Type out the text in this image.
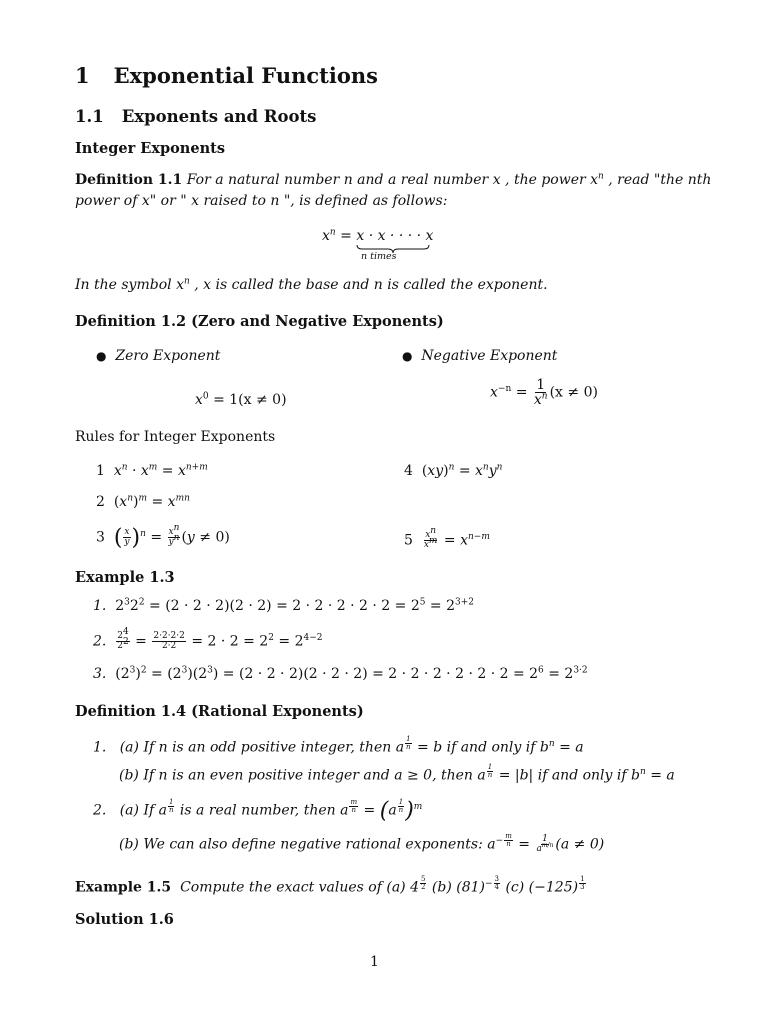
1 Exponential Functions
1.1 Exponents and Roots
Integer Exponents
Definition 1.1 For a natural number n and a real number x , the power $x^n$ , read "the nth
power of x" or " x raised to n ", is defined as follows:
$x^n = x \cdot x$ · · · · x
n times
In the symbol $x^n$ , x is called the base and n is called the exponent.
Definition 1.2 (Zero and Negative Exponents)
● Zero Exponent	● Negative Exponent
$x^0 = 1(x \ne 0)$	$x^{-n} = \frac{1}{x^n} (x \ne 0)$
Rules for Integer Exponents
1 $x^n \cdot x^m = x^{n+m}$	4  $(xy)^n = x^ny^n$
2  $(x^n)^m = x^{mn}$
3 ( $\frac{x}{y} )^n = \frac{x^n}{y^n} (y \ne 0)$	$5 \frac{x^n}{x^m} = x^{n-m}$
Example 1.3
1.  $2^32^2 = (2 \cdot 2 \cdot 2)(2 \cdot 2) = 2 \cdot 2 \cdot 2 \cdot 2 \cdot 2 = 2^5 = 2^{3+2}$
2. $\frac{2^4}{2^2} = \frac{2\cdot 2\cdot 2\cdot 2}{2\cdot 2} = 2 \cdot 2 = 2^2 = 2^{4-2}$
3.  $(2^3)^2 = (2^3)(2^3) = (2 \cdot 2 \cdot 2)(2 \cdot 2 \cdot 2) = 2 \cdot 2 \cdot 2 \cdot 2 \cdot 2 \cdot 2 = 2^6 = 2^{3\cdot 2}$
Definition 1.4 (Rational Exponents)
1. (a) If n is an odd positive integer, then a $^{\frac{1}{n}}$ = b if and only if $b^n = a$
(b) If n is an even positive integer and a ≥ 0, then a $^{\frac{1}{n}}$ = |b| if and only if $b^n = a$
2. (a) If a $^{\frac{1}{n}}$ is a real number, then a $^{\frac{m}{n}}$ = (a $^{\frac{1}{n}}$ )$^m$
(b) We can also define negative rational exponents: $a^{- \frac{m}{n}} = \frac{1}{a^{m/n}} (a \ne 0)$
Example 1.5 Compute the exact values of (a) 4 $^{\frac{5}{2}}$ (b) $(81)^{- \frac{3}{4}}$ (c) (−125) $^{\frac{1}{3}}$
Solution 1.6
1
